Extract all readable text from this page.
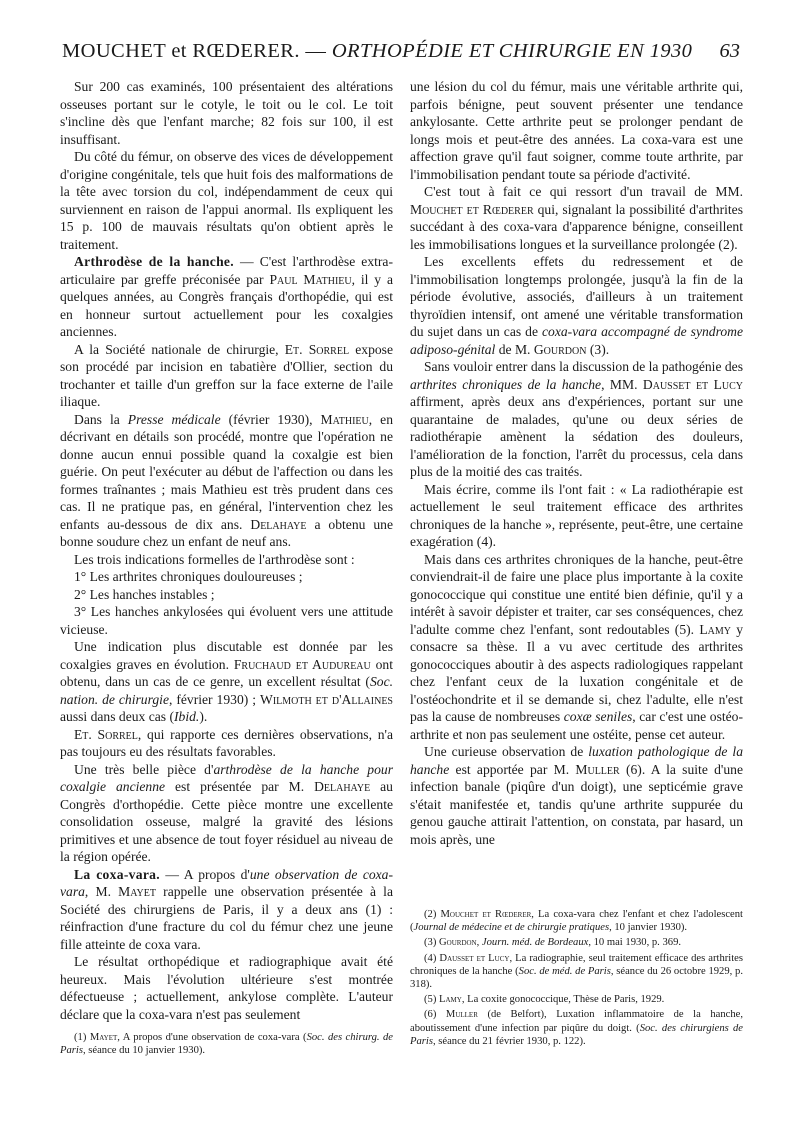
MOUCHET et RŒDERER. — ORTHOPÉDIE ET CHIRURGIE EN 1930 63

Sur 200 cas examinés, 100 présentaient des altérations osseuses portant sur le cotyle, le toit ou le col. Le toit s'incline dès que l'enfant marche; 82 fois sur 100, il est insuffisant.

Du côté du fémur, on observe des vices de développement d'origine congénitale, tels que huit fois des malformations de la tête avec torsion du col, indépendamment de ceux qui surviennent en raison de l'appui anormal. Ils expliquent les 15 p. 100 de mauvais résultats qu'on obtient après le traitement.

Arthrodèse de la hanche. — C'est l'arthrodèse extra-articulaire par greffe préconisée par Paul Mathieu, il y a quelques années, au Congrès français d'orthopédie, qui est en honneur surtout actuellement pour les coxalgies anciennes.

A la Société nationale de chirurgie, Et. Sorrel expose son procédé par incision en tabatière d'Ollier, section du trochanter et taille d'un greffon sur la face externe de l'aile iliaque.

Dans la Presse médicale (février 1930), Mathieu, en décrivant en détails son procédé, montre que l'opération ne donne aucun ennui possible quand la coxalgie est bien guérie. On peut l'exécuter au début de l'affection ou dans les formes traînantes ; mais Mathieu est très prudent dans ces cas. Il ne pratique pas, en général, l'intervention chez les enfants au-dessous de dix ans. Delahaye a obtenu une bonne soudure chez un enfant de neuf ans.

Les trois indications formelles de l'arthrodèse sont :

1° Les arthrites chroniques douloureuses ;

2° Les hanches instables ;

3° Les hanches ankylosées qui évoluent vers une attitude vicieuse.

Une indication plus discutable est donnée par les coxalgies graves en évolution. Fruchaud et Audureau ont obtenu, dans un cas de ce genre, un excellent résultat (Soc. nation. de chirurgie, février 1930) ; Wilmoth et d'Allaines aussi dans deux cas (Ibid.).

Et. Sorrel, qui rapporte ces dernières observations, n'a pas toujours eu des résultats favorables.

Une très belle pièce d'arthrodèse de la hanche pour coxalgie ancienne est présentée par M. Delahaye au Congrès d'orthopédie. Cette pièce montre une excellente consolidation osseuse, malgré la gravité des lésions primitives et une absence de tout foyer résiduel au niveau de la région opérée.

La coxa-vara. — A propos d'une observation de coxa-vara, M. Mayet rappelle une observation présentée à la Société des chirurgiens de Paris, il y a deux ans (1) : réinfraction d'une fracture du col du fémur chez une jeune fille atteinte de coxa vara.

Le résultat orthopédique et radiographique avait été heureux. Mais l'évolution ultérieure s'est montrée défectueuse ; actuellement, ankylose complète. L'auteur déclare que la coxa-vara n'est pas seulement

une lésion du col du fémur, mais une véritable arthrite qui, parfois bénigne, peut souvent présenter une tendance ankylosante. Cette arthrite peut se prolonger pendant de longs mois et peut-être des années. La coxa-vara est une affection grave qu'il faut soigner, comme toute arthrite, par l'immobilisation pendant toute sa période d'activité.

C'est tout à fait ce qui ressort d'un travail de MM. Mouchet et Rœderer qui, signalant la possibilité d'arthrites succédant à des coxa-vara d'apparence bénigne, conseillent les immobilisations longues et la surveillance prolongée (2).

Les excellents effets du redressement et de l'immobilisation longtemps prolongée, jusqu'à la fin de la période évolutive, associés, d'ailleurs à un traitement thyroïdien intensif, ont amené une véritable transformation du sujet dans un cas de coxa-vara accompagné de syndrome adiposo-génital de M. Gourdon (3).

Sans vouloir entrer dans la discussion de la pathogénie des arthrites chroniques de la hanche, MM. Dausset et Lucy affirment, après deux ans d'expériences, portant sur une quarantaine de malades, qu'une ou deux séries de radiothérapie amènent la sédation des douleurs, l'amélioration de la fonction, l'arrêt du processus, cela dans plus de la moitié des cas traités.

Mais écrire, comme ils l'ont fait : « La radiothérapie est actuellement le seul traitement efficace des arthrites chroniques de la hanche », représente, peut-être, une certaine exagération (4).

Mais dans ces arthrites chroniques de la hanche, peut-être conviendrait-il de faire une place plus importante à la coxite gonococcique qui constitue une entité bien définie, qu'il y a intérêt à savoir dépister et traiter, car ses conséquences, chez l'adulte comme chez l'enfant, sont redoutables (5). Lamy y consacre sa thèse. Il a vu avec certitude des arthrites gonococciques aboutir à des aspects radiologiques rappelant chez l'enfant ceux de la luxation congénitale et de l'ostéochondrite et il se demande si, chez l'adulte, elle n'est pas la cause de nombreuses coxæ seniles, car c'est une ostéo-arthrite et non pas seulement une ostéite, pense cet auteur.

Une curieuse observation de luxation pathologique de la hanche est apportée par M. Muller (6). A la suite d'une infection banale (piqûre d'un doigt), une septicémie grave s'était manifestée et, tandis qu'une arthrite suppurée du genou gauche attirait l'attention, on constata, par hasard, un mois après, une

(1) Mayet, A propos d'une observation de coxa-vara (Soc. des chirurg. de Paris, séance du 10 janvier 1930).

(2) Mouchet et Rœderer, La coxa-vara chez l'enfant et chez l'adolescent (Journal de médecine et de chirurgie pratiques, 10 janvier 1930).

(3) Gourdon, Journ. méd. de Bordeaux, 10 mai 1930, p. 369.

(4) Dausset et Lucy, La radiographie, seul traitement efficace des arthrites chroniques de la hanche (Soc. de méd. de Paris, séance du 26 octobre 1929, p. 318).

(5) Lamy, La coxite gonococcique, Thèse de Paris, 1929.

(6) Muller (de Belfort), Luxation inflammatoire de la hanche, aboutissement d'une infection par piqûre du doigt. (Soc. des chirurgiens de Paris, séance du 21 février 1930, p. 122).
